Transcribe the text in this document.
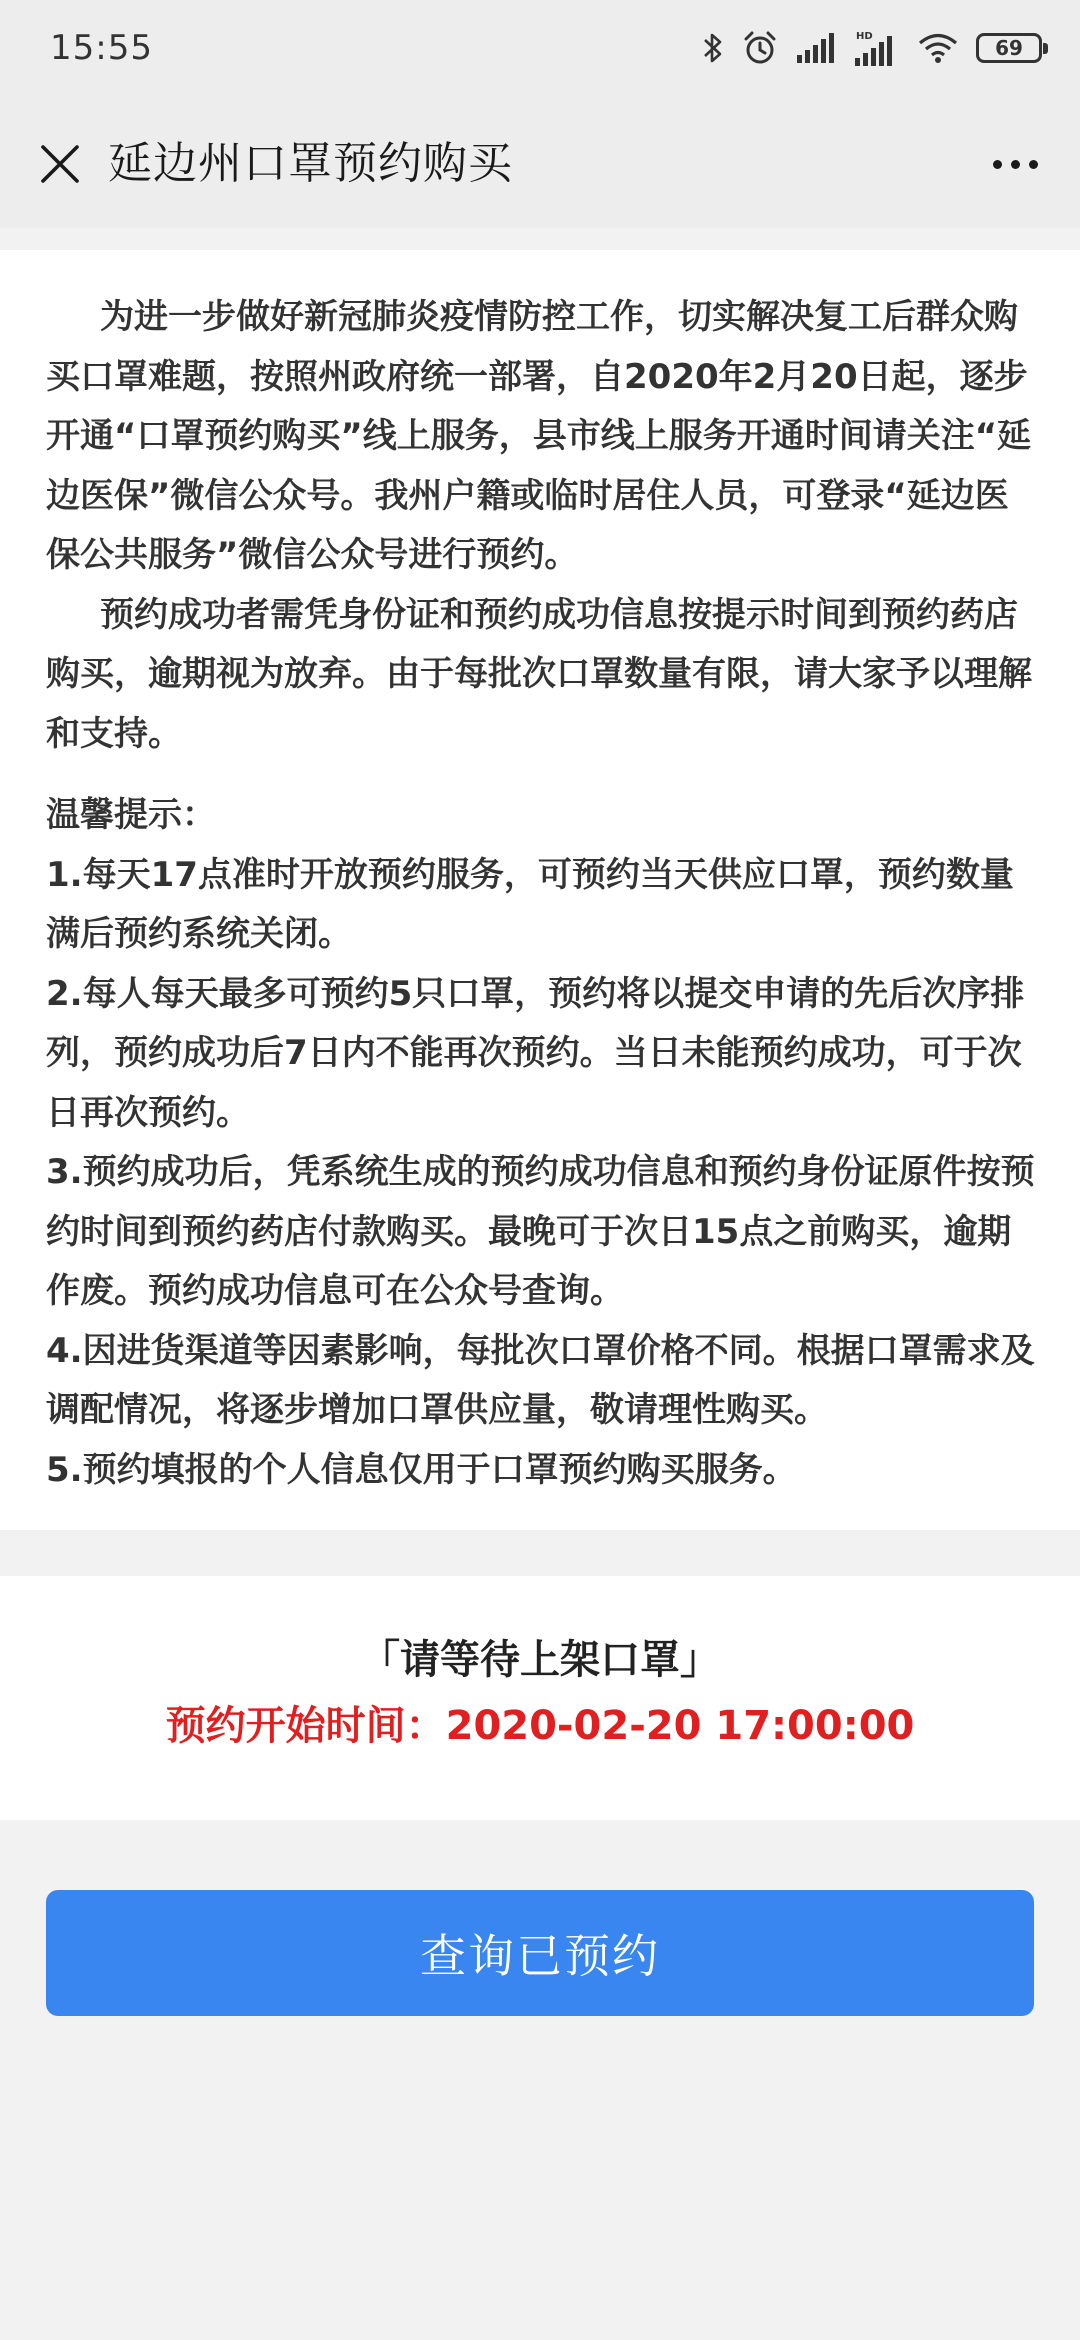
15:55	HD	69
延边州口罩预约购买

为进一步做好新冠肺炎疫情防控工作，切实解决复工后群众购买口罩难题，按照州政府统一部署，自2020年2月20日起，逐步开通“口罩预约购买”线上服务，县市线上服务开通时间请关注“延边医保”微信公众号。我州户籍或临时居住人员，可登录“延边医保公共服务”微信公众号进行预约。

预约成功者需凭身份证和预约成功信息按提示时间到预约药店购买，逾期视为放弃。由于每批次口罩数量有限，请大家予以理解和支持。

温馨提示：

1.每天17点准时开放预约服务，可预约当天供应口罩，预约数量满后预约系统关闭。

2.每人每天最多可预约5只口罩，预约将以提交申请的先后次序排列，预约成功后7日内不能再次预约。当日未能预约成功，可于次日再次预约。

3.预约成功后，凭系统生成的预约成功信息和预约身份证原件按预约时间到预约药店付款购买。最晚可于次日15点之前购买，逾期作废。预约成功信息可在公众号查询。

4.因进货渠道等因素影响，每批次口罩价格不同。根据口罩需求及调配情况，将逐步增加口罩供应量，敬请理性购买。

5.预约填报的个人信息仅用于口罩预约购买服务。

「请等待上架口罩」
预约开始时间：2020-02-20 17:00:00
查询已预约
